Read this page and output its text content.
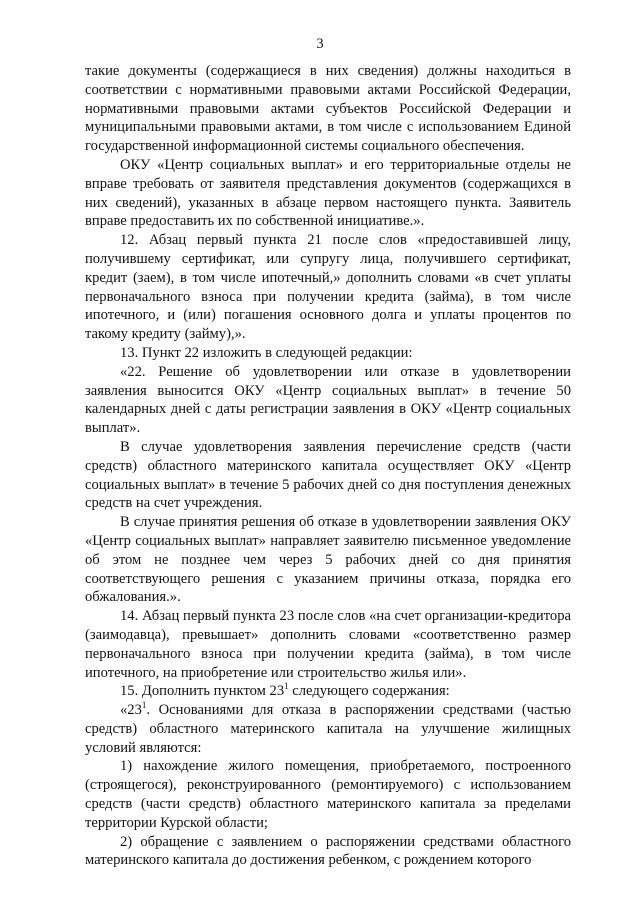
3

такие документы (содержащиеся в них сведения) должны находиться в соответствии с нормативными правовыми актами Российской Федерации, нормативными правовыми актами субъектов Российской Федерации и муниципальными правовыми актами, в том числе с использованием Единой государственной информационной системы социального обеспечения.

ОКУ «Центр социальных выплат» и его территориальные отделы не вправе требовать от заявителя представления документов (содержащихся в них сведений), указанных в абзаце первом настоящего пункта. Заявитель вправе предоставить их по собственной инициативе.».

12. Абзац первый пункта 21 после слов «предоставившей лицу, получившему сертификат, или супругу лица, получившего сертификат, кредит (заем), в том числе ипотечный,» дополнить словами «в счет уплаты первоначального взноса при получении кредита (займа), в том числе ипотечного, и (или) погашения основного долга и уплаты процентов по такому кредиту (займу),».

13. Пункт 22 изложить в следующей редакции:

«22. Решение об удовлетворении или отказе в удовлетворении заявления выносится ОКУ «Центр социальных выплат» в течение 50 календарных дней с даты регистрации заявления в ОКУ «Центр социальных выплат».

В случае удовлетворения заявления перечисление средств (части средств) областного материнского капитала осуществляет ОКУ «Центр социальных выплат» в течение 5 рабочих дней со дня поступления денежных средств на счет учреждения.

В случае принятия решения об отказе в удовлетворении заявления ОКУ «Центр социальных выплат» направляет заявителю письменное уведомление об этом не позднее чем через 5 рабочих дней со дня принятия соответствующего решения с указанием причины отказа, порядка его обжалования.».

14. Абзац первый пункта 23 после слов «на счет организации-кредитора (заимодавца), превышает» дополнить словами «соответственно размер первоначального взноса при получении кредита (займа), в том числе ипотечного, на приобретение или строительство жилья или».

15. Дополнить пунктом $23^1$ следующего содержания:

«$23^1$. Основаниями для отказа в распоряжении средствами (частью средств) областного материнского капитала на улучшение жилищных условий являются:

1) нахождение жилого помещения, приобретаемого, построенного (строящегося), реконструированного (ремонтируемого) с использованием средств (части средств) областного материнского капитала за пределами территории Курской области;

2) обращение с заявлением о распоряжении средствами областного материнского капитала до достижения ребенком, с рождением которого
